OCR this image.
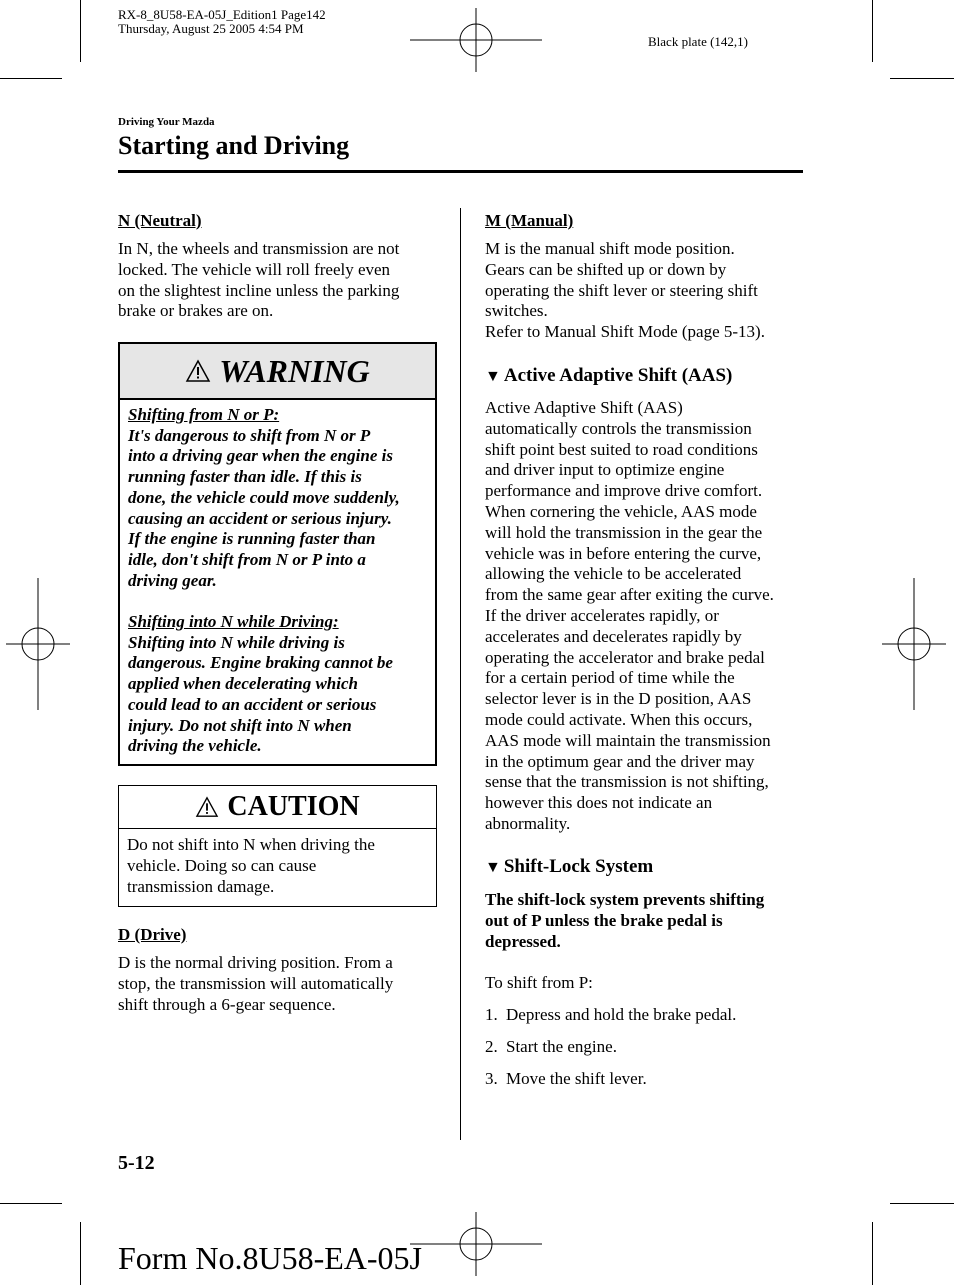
RX-8_8U58-EA-05J_Edition1 Page142
Thursday, August 25 2005 4:54 PM
Black plate (142,1)
Driving Your Mazda
Starting and Driving
N (Neutral)
In N, the wheels and transmission are not
locked. The vehicle will roll freely even
on the slightest incline unless the parking
brake or brakes are on.
WARNING

Shifting from N or P:

It's dangerous to shift from N or P

into a driving gear when the engine is

running faster than idle. If this is

done, the vehicle could move suddenly,

causing an accident or serious injury.

If the engine is running faster than

idle, don't shift from N or P into a

driving gear.

Shifting into N while Driving:

Shifting into N while driving is

dangerous. Engine braking cannot be

applied when decelerating which

could lead to an accident or serious

injury. Do not shift into N when

driving the vehicle.

CAUTION
Do not shift into N when driving the
vehicle. Doing so can cause
transmission damage.
D (Drive)
D is the normal driving position. From a
stop, the transmission will automatically
shift through a 6-gear sequence.
M (Manual)
M is the manual shift mode position.
Gears can be shifted up or down by
operating the shift lever or steering shift
switches.
Refer to Manual Shift Mode (page 5-13).
▼ Active Adaptive Shift (AAS)
Active Adaptive Shift (AAS)
automatically controls the transmission
shift point best suited to road conditions
and driver input to optimize engine
performance and improve drive comfort.
When cornering the vehicle, AAS mode
will hold the transmission in the gear the
vehicle was in before entering the curve,
allowing the vehicle to be accelerated
from the same gear after exiting the curve.
If the driver accelerates rapidly, or
accelerates and decelerates rapidly by
operating the accelerator and brake pedal
for a certain period of time while the
selector lever is in the D position, AAS
mode could activate. When this occurs,
AAS mode will maintain the transmission
in the optimum gear and the driver may
sense that the transmission is not shifting,
however this does not indicate an
abnormality.
▼ Shift-Lock System
The shift-lock system prevents shifting
out of P unless the brake pedal is
depressed.
To shift from P:
1. Depress and hold the brake pedal.
2. Start the engine.
3. Move the shift lever.
5-12
Form No.8U58-EA-05J
